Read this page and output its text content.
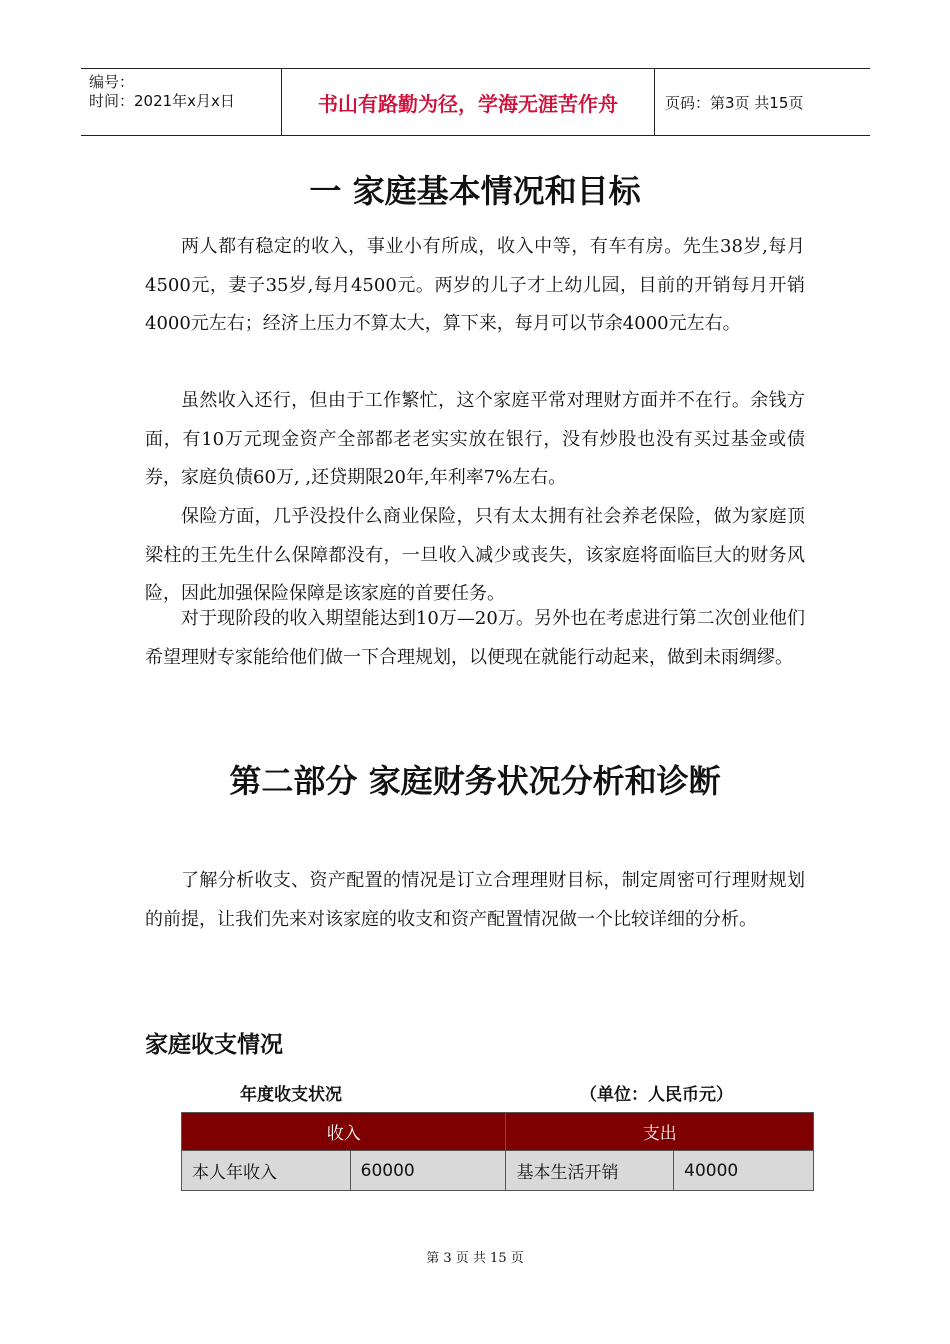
编号：
时间：2021年x月x日	书山有路勤为径，学海无涯苦作舟	页码：第3页 共15页
一 家庭基本情况和目标

两人都有稳定的收入，事业小有所成，收入中等，有车有房。先生38岁,每月4500元，妻子35岁,每月4500元。两岁的儿子才上幼儿园，目前的开销每月开销4000元左右；经济上压力不算太大，算下来，每月可以节余4000元左右。

虽然收入还行，但由于工作繁忙，这个家庭平常对理财方面并不在行。余钱方面，有10万元现金资产全部都老老实实放在银行，没有炒股也没有买过基金或债券，家庭负债60万, ,还贷期限20年,年利率7%左右。

保险方面，几乎没投什么商业保险，只有太太拥有社会养老保险，做为家庭顶梁柱的王先生什么保障都没有，一旦收入减少或丧失，该家庭将面临巨大的财务风险，因此加强保险保障是该家庭的首要任务。

对于现阶段的收入期望能达到10万—20万。另外也在考虑进行第二次创业他们希望理财专家能给他们做一下合理规划，以便现在就能行动起来，做到未雨绸缪。

第二部分 家庭财务状况分析和诊断

了解分析收支、资产配置的情况是订立合理理财目标，制定周密可行理财规划的前提，让我们先来对该家庭的收支和资产配置情况做一个比较详细的分析。

家庭收支情况
年度收支状况	（单位：人民币元）
收入		支出	
本人年收入	60000	基本生活开销	40000
第 3 页 共 15 页
